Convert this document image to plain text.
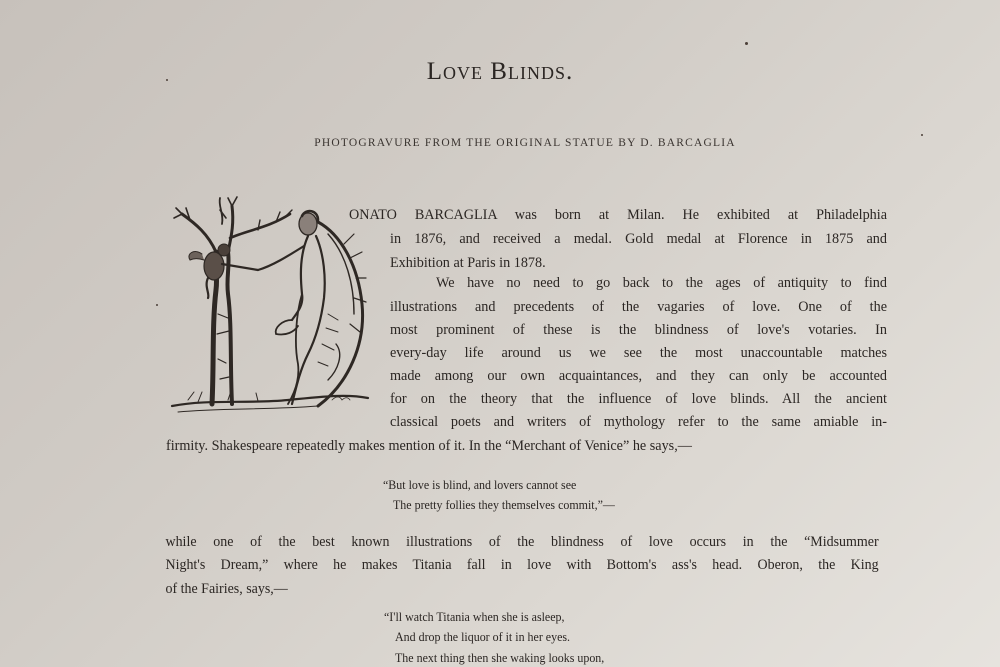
Love Blinds.
PHOTOGRAVURE FROM THE ORIGINAL STATUE BY D. BARCAGLIA
ONATO BARCAGLIA was born at Milan. He exhibited at Philadelphia
in 1876, and received a medal. Gold medal at Florence in 1875 and
Exhibition at Paris in 1878.
We have no need to go back to the ages of antiquity to find
illustrations and precedents of the vagaries of love. One of the
most prominent of these is the blindness of love's votaries. In
every-day life around us we see the most unaccountable matches
made among our own acquaintances, and they can only be accounted
for on the theory that the influence of love blinds. All the ancient
classical poets and writers of mythology refer to the same amiable in-
firmity. Shakespeare repeatedly makes mention of it. In the “Merchant of Venice” he says,—
“But love is blind, and lovers cannot see
The pretty follies they themselves commit,”—
while one of the best known illustrations of the blindness of love occurs in the “Midsummer
Night's Dream,” where he makes Titania fall in love with Bottom's ass's head. Oberon, the King
of the Fairies, says,—
“I'll watch Titania when she is asleep,
And drop the liquor of it in her eyes.
The next thing then she waking looks upon,
